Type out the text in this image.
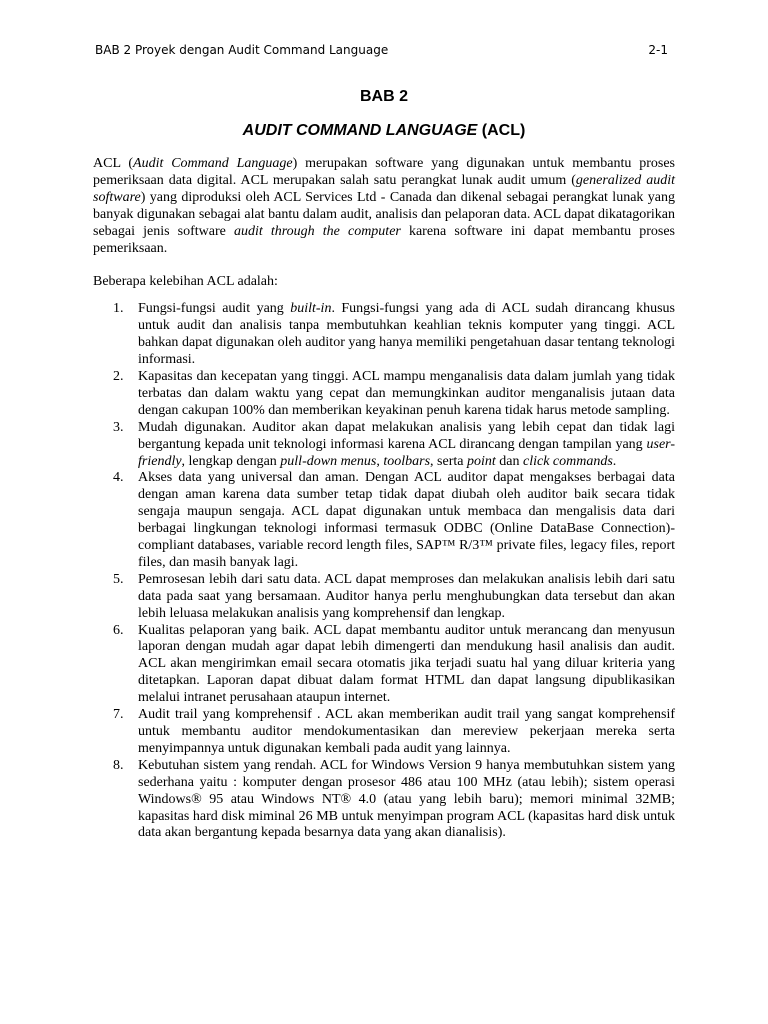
BAB 2 Proyek dengan Audit Command Language	2-1
BAB 2
AUDIT COMMAND LANGUAGE (ACL)

ACL (Audit Command Language) merupakan software yang digunakan untuk membantu proses pemeriksaan data digital. ACL merupakan salah satu perangkat lunak audit umum (generalized audit software) yang diproduksi oleh ACL Services Ltd - Canada dan dikenal sebagai perangkat lunak yang banyak digunakan sebagai alat bantu dalam audit, analisis dan pelaporan data. ACL dapat dikatagorikan sebagai jenis software audit through the computer karena software ini dapat membantu proses pemeriksaan.

Beberapa kelebihan ACL adalah:

1. Fungsi-fungsi audit yang built-in. Fungsi-fungsi yang ada di ACL sudah dirancang khusus untuk audit dan analisis tanpa membutuhkan keahlian teknis komputer yang tinggi. ACL bahkan dapat digunakan oleh auditor yang hanya memiliki pengetahuan dasar tentang teknologi informasi.
2. Kapasitas dan kecepatan yang tinggi. ACL mampu menganalisis data dalam jumlah yang tidak terbatas dan dalam waktu yang cepat dan memungkinkan auditor menganalisis jutaan data dengan cakupan 100% dan memberikan keyakinan penuh karena tidak harus metode sampling.
3. Mudah digunakan. Auditor akan dapat melakukan analisis yang lebih cepat dan tidak lagi bergantung kepada unit teknologi informasi karena ACL dirancang dengan tampilan yang user- friendly, lengkap dengan pull-down menus, toolbars, serta point dan click commands.
4. Akses data yang universal dan aman. Dengan ACL auditor dapat mengakses berbagai data dengan aman karena data sumber tetap tidak dapat diubah oleh auditor baik secara tidak sengaja maupun sengaja. ACL dapat digunakan untuk membaca dan mengalisis data dari berbagai lingkungan teknologi informasi termasuk ODBC (Online DataBase Connection)-compliant databases, variable record length files, SAP™ R/3™ private files, legacy files, report files, dan masih banyak lagi.
5. Pemrosesan lebih dari satu data. ACL dapat memproses dan melakukan analisis lebih dari satu data pada saat yang bersamaan. Auditor hanya perlu menghubungkan data tersebut dan akan lebih leluasa melakukan analisis yang komprehensif dan lengkap.
6. Kualitas pelaporan yang baik. ACL dapat membantu auditor untuk merancang dan menyusun laporan dengan mudah agar dapat lebih dimengerti dan mendukung hasil analisis dan audit. ACL akan mengirimkan email secara otomatis jika terjadi suatu hal yang diluar kriteria yang ditetapkan. Laporan dapat dibuat dalam format HTML dan dapat langsung dipublikasikan melalui intranet perusahaan ataupun internet.
7. Audit trail yang komprehensif . ACL akan memberikan audit trail yang sangat komprehensif untuk membantu auditor mendokumentasikan dan mereview pekerjaan mereka serta menyimpannya untuk digunakan kembali pada audit yang lainnya.
8. Kebutuhan sistem yang rendah. ACL for Windows Version 9 hanya membutuhkan sistem yang sederhana yaitu : komputer dengan prosesor 486 atau 100 MHz (atau lebih); sistem operasi Windows® 95 atau Windows NT® 4.0 (atau yang lebih baru); memori minimal 32MB; kapasitas hard disk miminal 26 MB untuk menyimpan program ACL (kapasitas hard disk untuk data akan bergantung kepada besarnya data yang akan dianalisis).
